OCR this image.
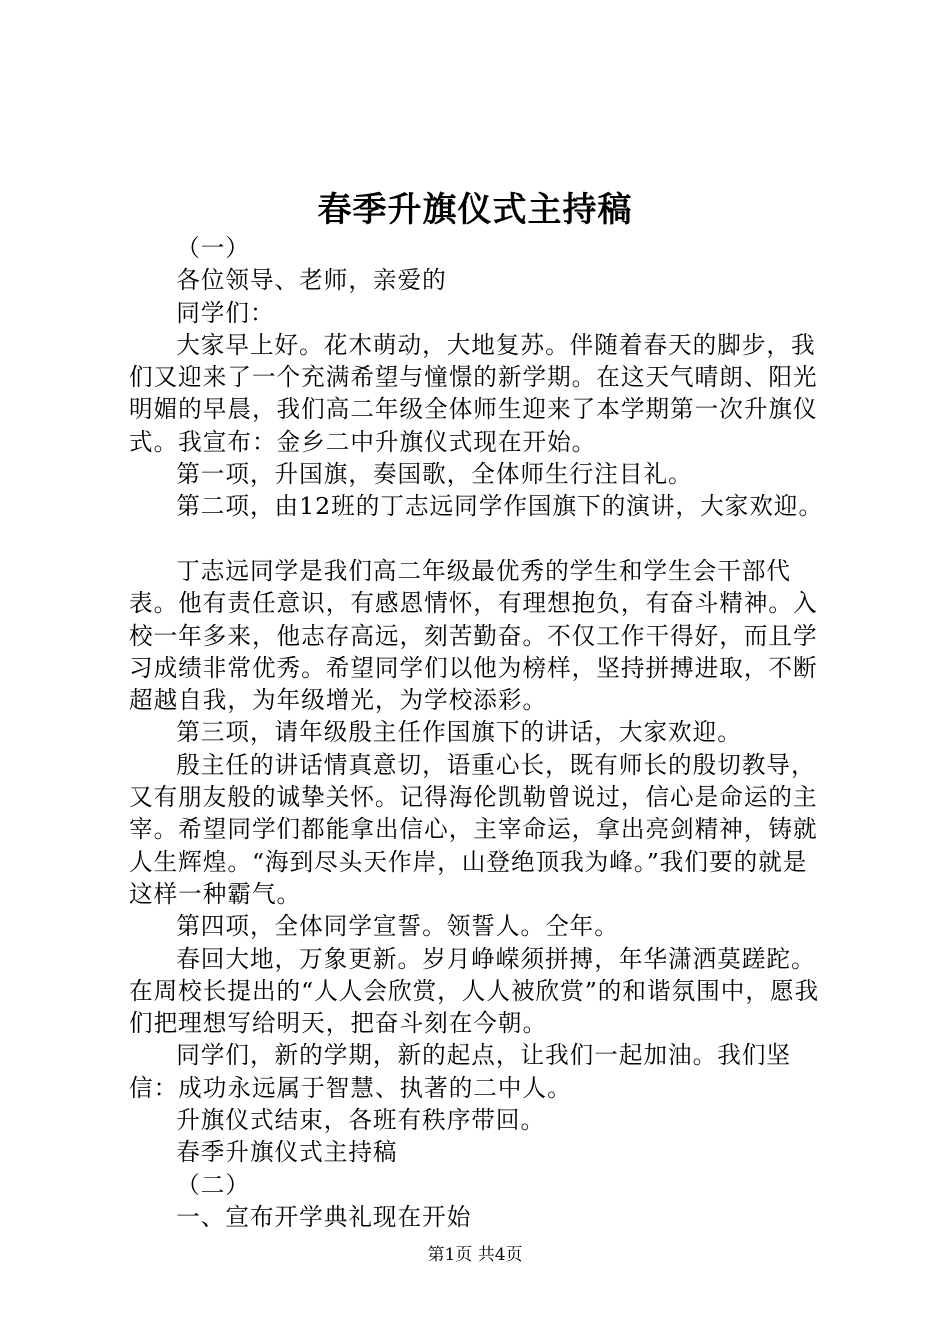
春季升旗仪式主持稿

（一）

各位领导、老师，亲爱的

同学们：

大家早上好。花木萌动，大地复苏。伴随着春天的脚步，我们又迎来了一个充满希望与憧憬的新学期。在这天气晴朗、阳光明媚的早晨，我们高二年级全体师生迎来了本学期第一次升旗仪式。我宣布：金乡二中升旗仪式现在开始。

第一项，升国旗，奏国歌，全体师生行注目礼。

第二项，由12班的丁志远同学作国旗下的演讲，大家欢迎。

丁志远同学是我们高二年级最优秀的学生和学生会干部代表。他有责任意识，有感恩情怀，有理想抱负，有奋斗精神。入校一年多来，他志存高远，刻苦勤奋。不仅工作干得好，而且学习成绩非常优秀。希望同学们以他为榜样，坚持拼搏进取，不断超越自我，为年级增光，为学校添彩。

第三项，请年级殷主任作国旗下的讲话，大家欢迎。

殷主任的讲话情真意切，语重心长，既有师长的殷切教导，又有朋友般的诚挚关怀。记得海伦凯勒曾说过，信心是命运的主宰。希望同学们都能拿出信心，主宰命运，拿出亮剑精神，铸就人生辉煌。“海到尽头天作岸，山登绝顶我为峰。”我们要的就是这样一种霸气。

第四项，全体同学宣誓。领誓人。仝年。

春回大地，万象更新。岁月峥嵘须拼搏，年华潇洒莫蹉跎。在周校长提出的“人人会欣赏，人人被欣赏”的和谐氛围中，愿我们把理想写给明天，把奋斗刻在今朝。

同学们，新的学期，新的起点，让我们一起加油。我们坚信：成功永远属于智慧、执著的二中人。

升旗仪式结束，各班有秩序带回。

春季升旗仪式主持稿

（二）

一、宣布开学典礼现在开始

第1页 共4页
